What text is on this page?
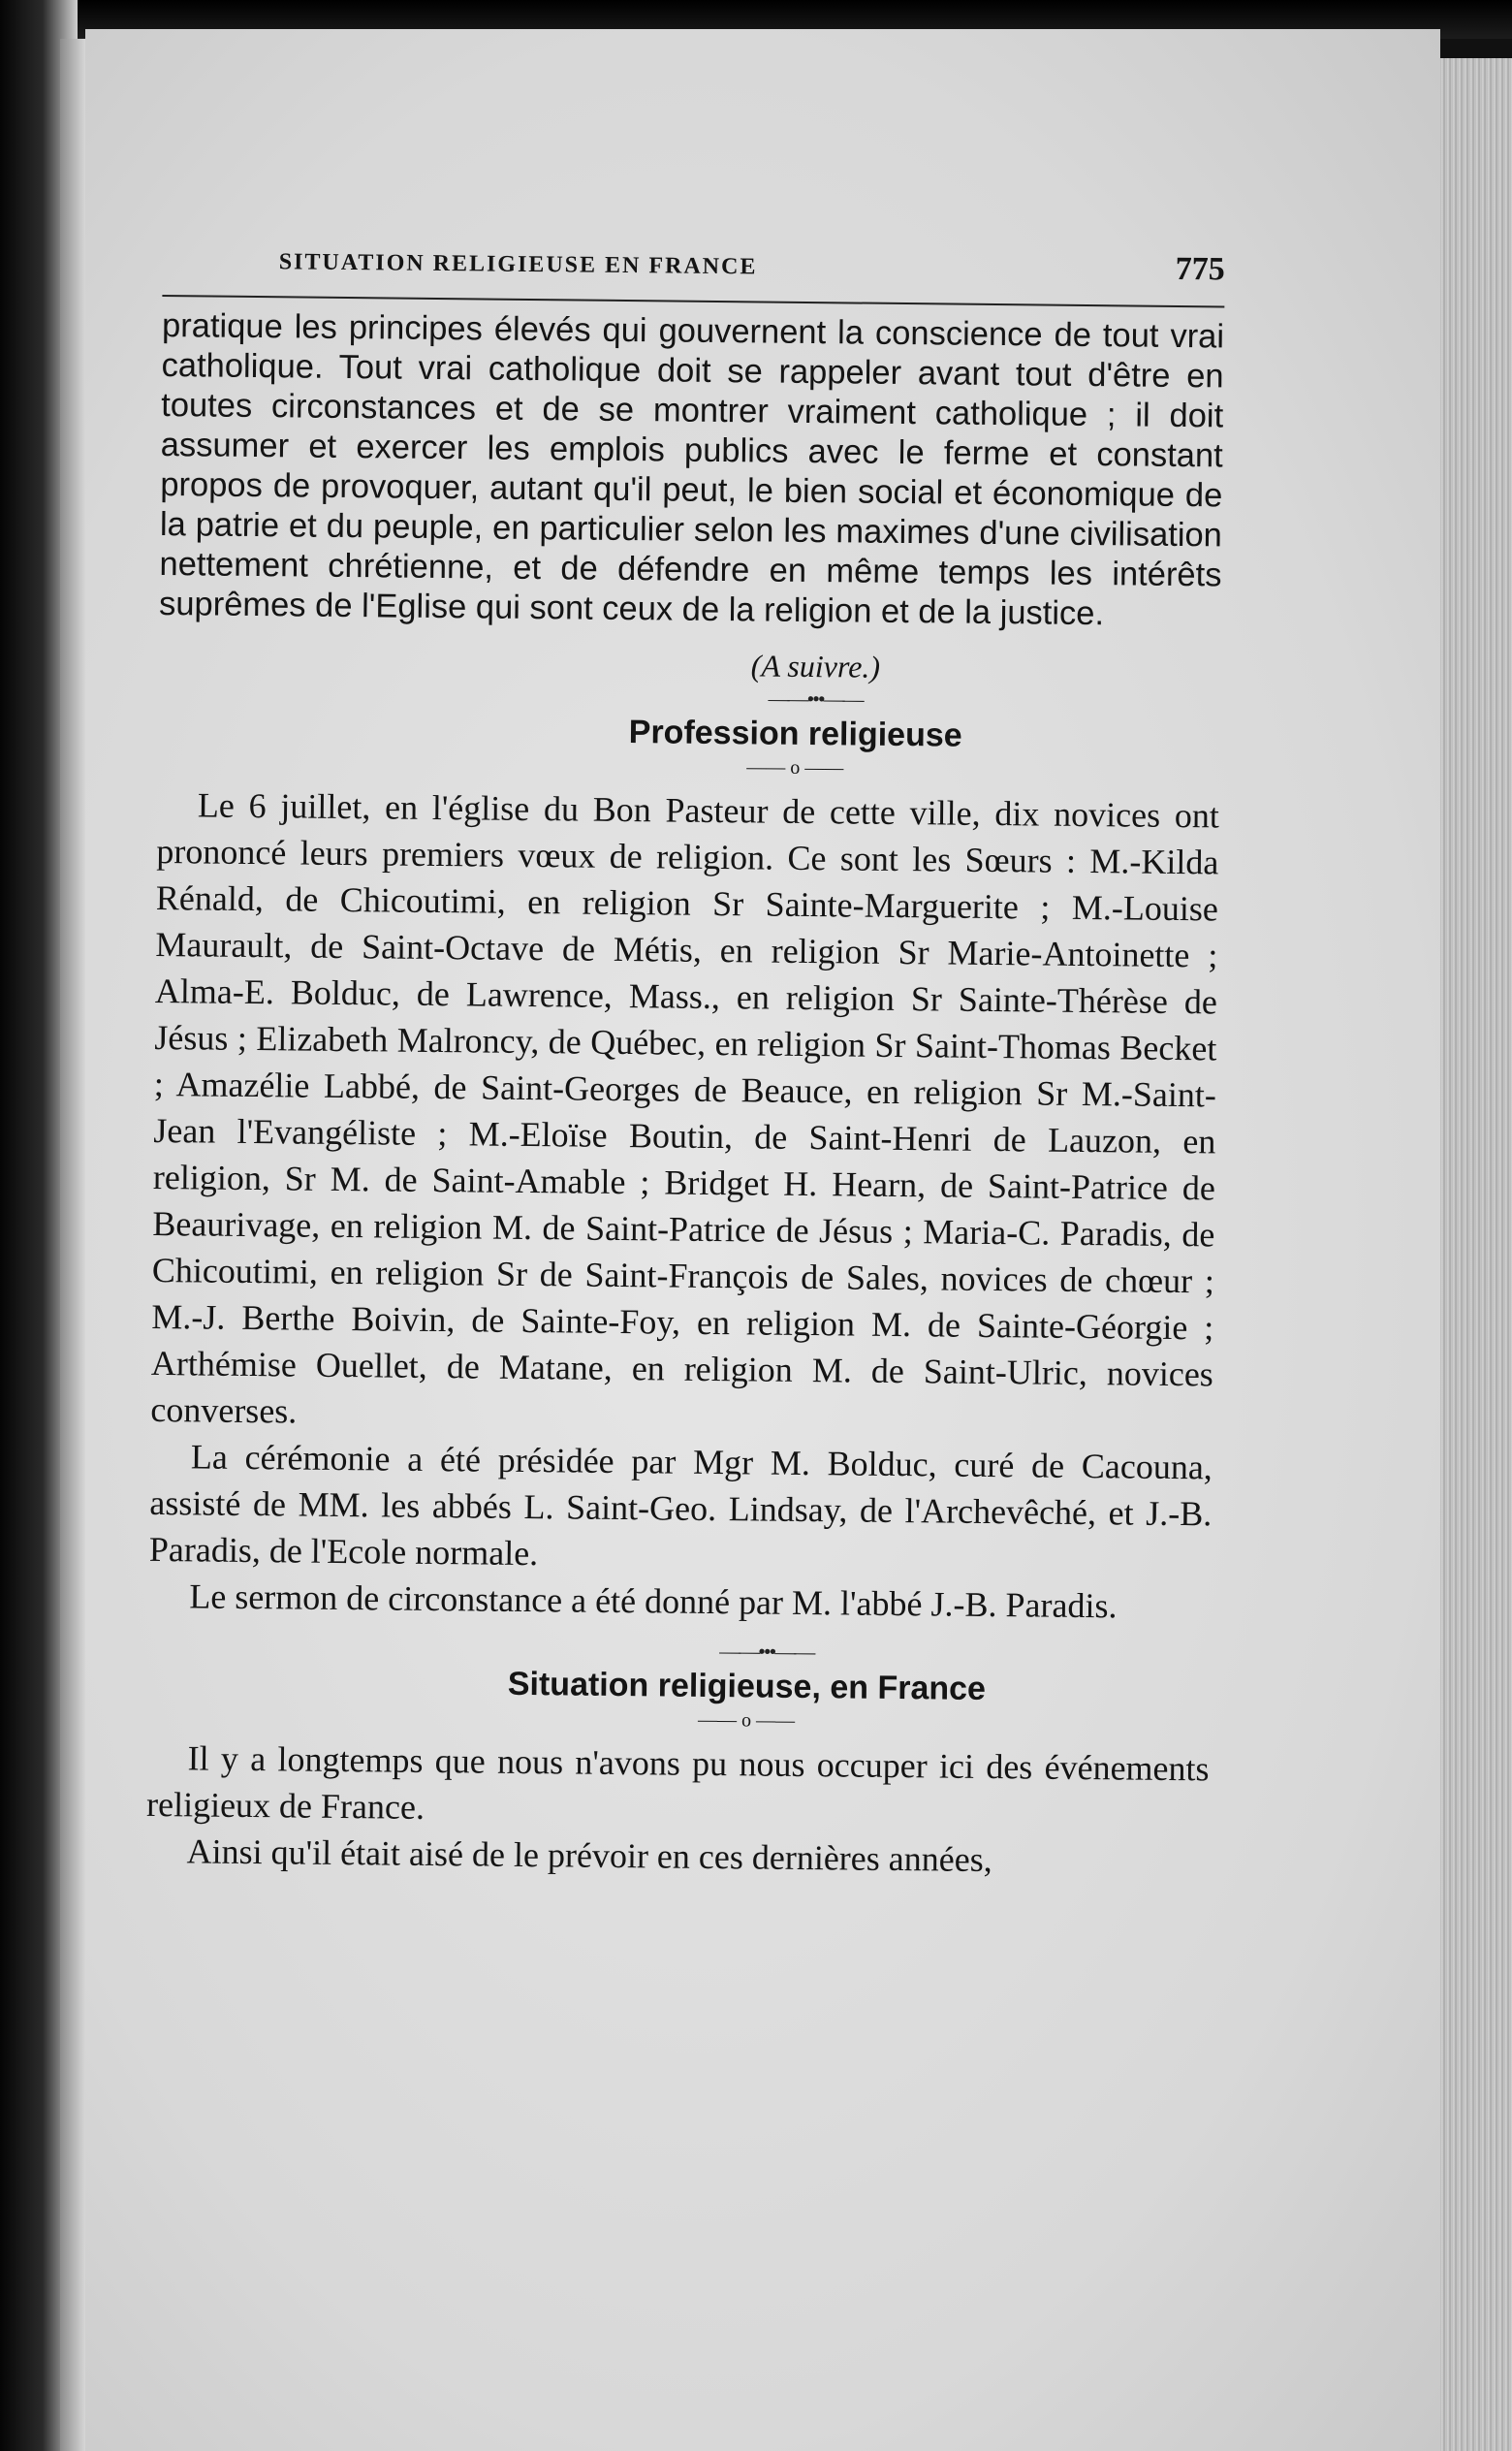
SITUATION RELIGIEUSE EN FRANCE	775

pratique les principes élevés qui gouvernent la conscience de tout vrai catholique. Tout vrai catholique doit se rappeler avant tout d'être en toutes circonstances et de se montrer vraiment catholique ; il doit assumer et exercer les emplois publics avec le ferme et constant propos de provoquer, autant qu'il peut, le bien social et économique de la patrie et du peuple, en particulier selon les maximes d'une civilisation nettement chrétienne, et de défendre en même temps les intérêts suprêmes de l'Eglise qui sont ceux de la religion et de la justice.

(A suivre.)
——•••——
Profession religieuse
—— o ——

Le 6 juillet, en l'église du Bon Pasteur de cette ville, dix novices ont prononcé leurs premiers vœux de religion. Ce sont les Sœurs : M.-Kilda Rénald, de Chicoutimi, en religion Sr Sainte-Marguerite ; M.-Louise Maurault, de Saint-Octave de Métis, en religion Sr Marie-Antoinette ; Alma-E. Bolduc, de Lawrence, Mass., en religion Sr Sainte-Thérèse de Jésus ; Elizabeth Malroncy, de Québec, en religion Sr Saint-Thomas Becket ; Amazélie Labbé, de Saint-Georges de Beauce, en religion Sr M.-Saint-Jean l'Evangéliste ; M.-Eloïse Boutin, de Saint-Henri de Lauzon, en religion, Sr M. de Saint-Amable ; Bridget H. Hearn, de Saint-Patrice de Beaurivage, en religion M. de Saint-Patrice de Jésus ; Maria-C. Paradis, de Chicoutimi, en religion Sr de Saint-François de Sales, novices de chœur ; M.-J. Berthe Boivin, de Sainte-Foy, en religion M. de Sainte-Géorgie ; Arthémise Ouellet, de Matane, en religion M. de Saint-Ulric, novices converses.

La cérémonie a été présidée par Mgr M. Bolduc, curé de Cacouna, assisté de MM. les abbés L. Saint-Geo. Lindsay, de l'Archevêché, et J.-B. Paradis, de l'Ecole normale.

Le sermon de circonstance a été donné par M. l'abbé J.-B. Paradis.

——•••——
Situation religieuse, en France
—— o ——

Il y a longtemps que nous n'avons pu nous occuper ici des événements religieux de France.

Ainsi qu'il était aisé de le prévoir en ces dernières années,
